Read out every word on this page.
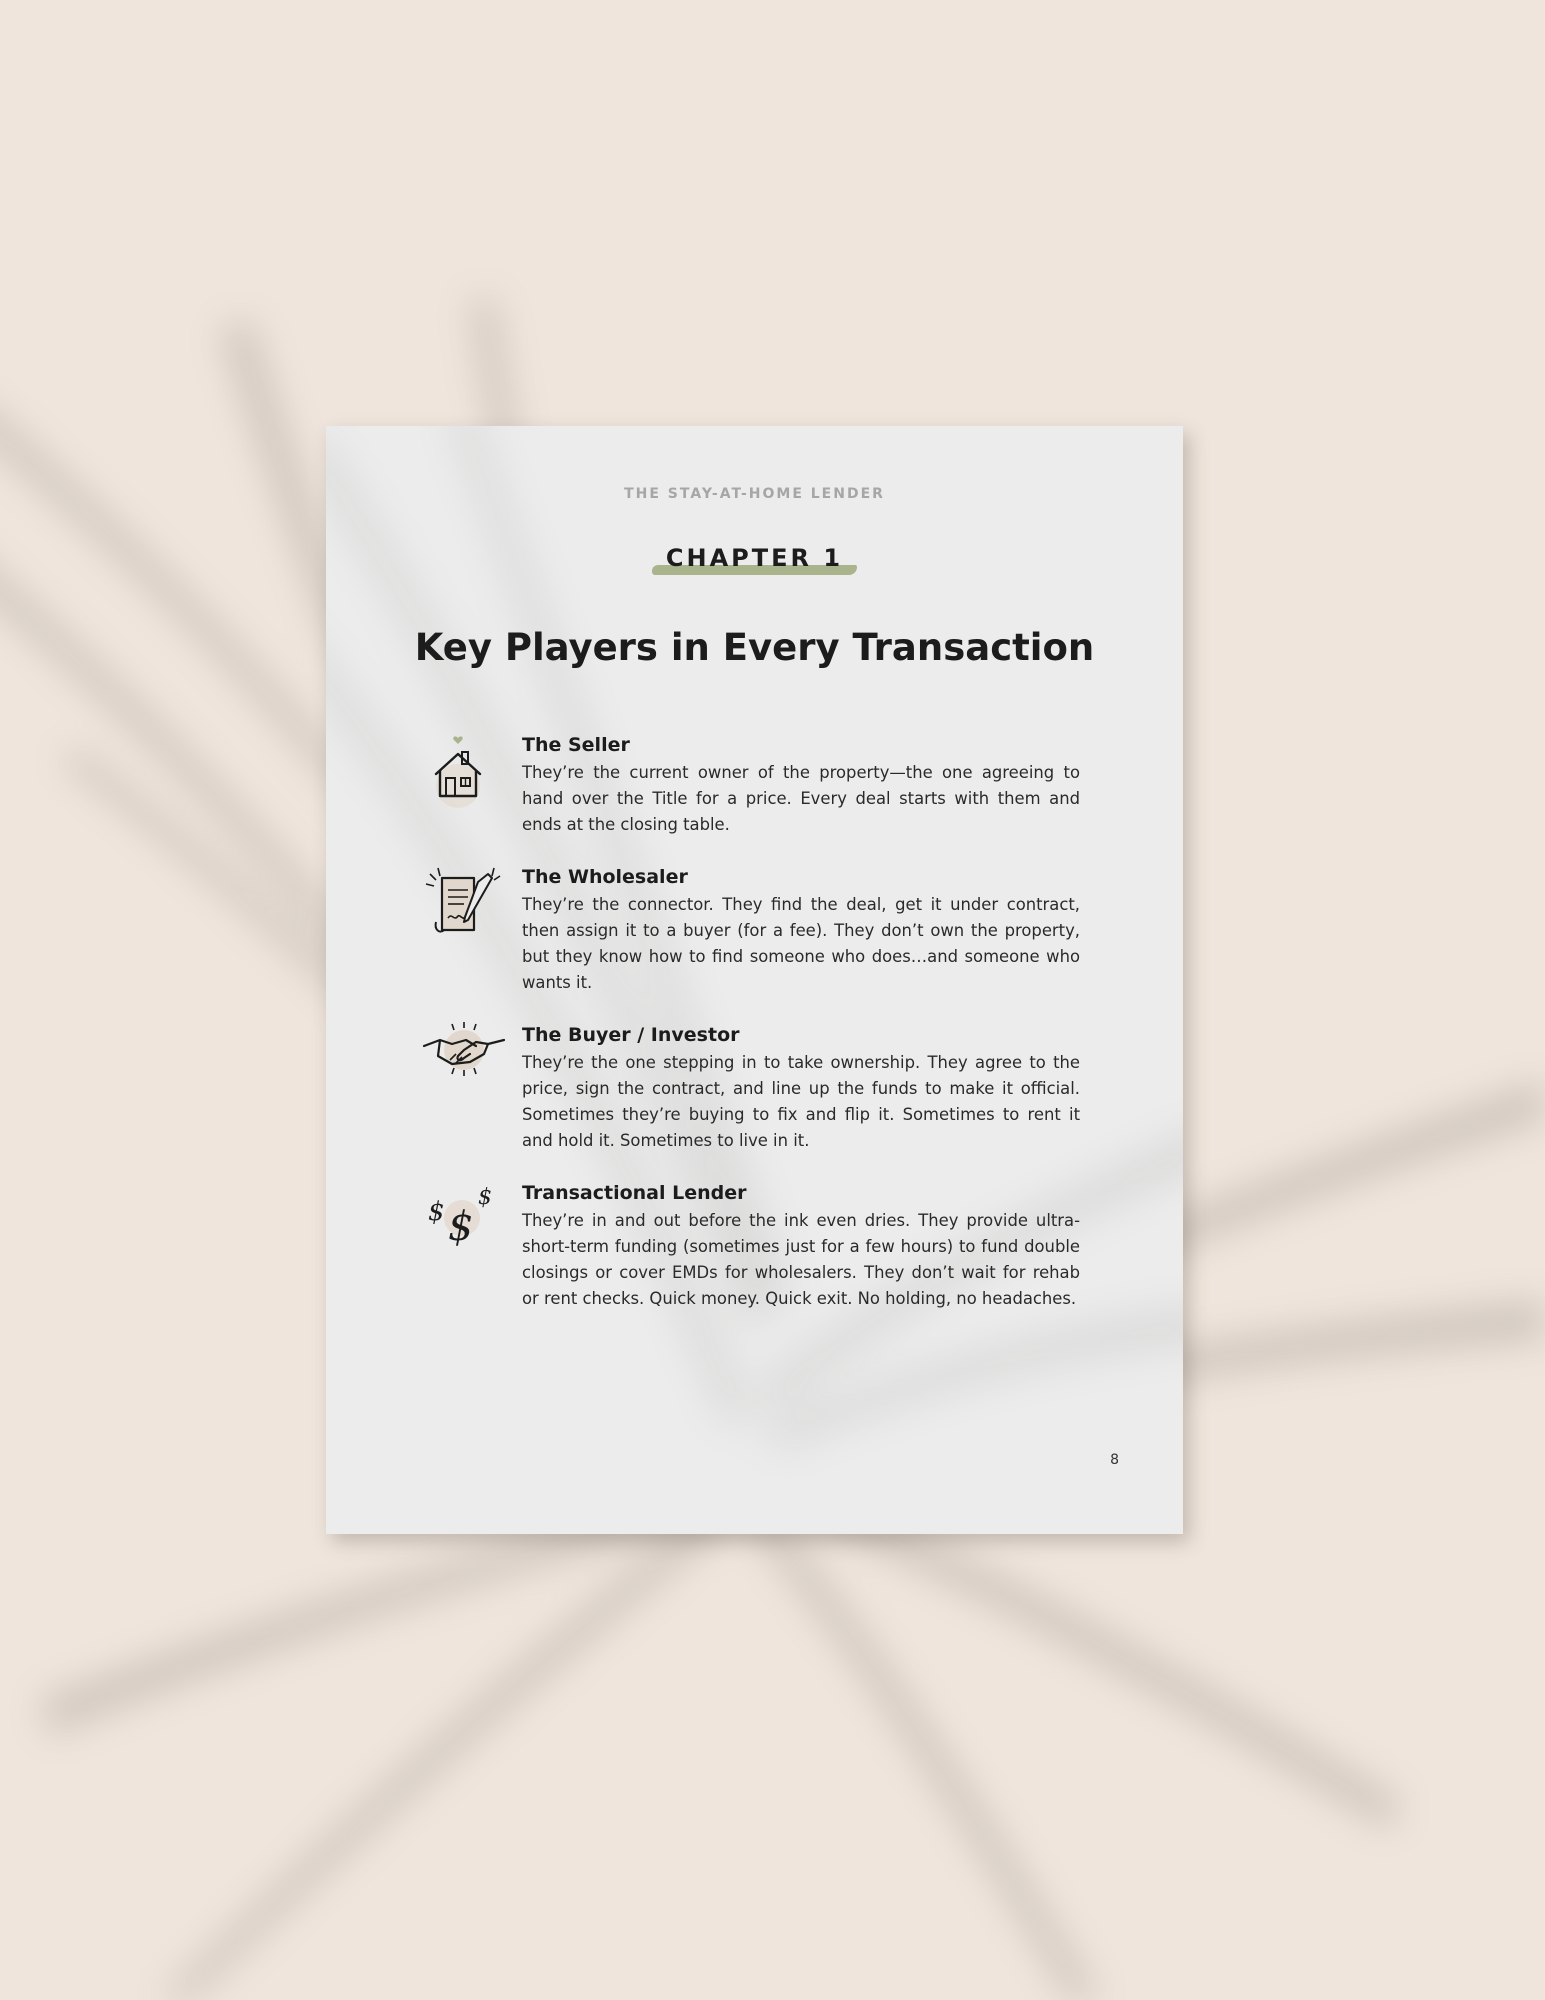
THE STAY-AT-HOME LENDER
CHAPTER 1
Key Players in Every Transaction

The Seller

They’re the current owner of the property—the one agreeing to hand over the Title for a price. Every deal starts with them and ends at the closing table.

The Wholesaler

They’re the connector. They find the deal, get it under contract, then assign it to a buyer (for a fee). They don’t own the property, but they know how to find someone who does…and someone who wants it.

The Buyer / Investor

They’re the one stepping in to take ownership. They agree to the price, sign the contract, and line up the funds to make it official. Sometimes they’re buying to fix and flip it. Sometimes to rent it and hold it. Sometimes to live in it.

$ $
$ Transactional Lender

They’re in and out before the ink even dries. They provide ultra-short-term funding (sometimes just for a few hours) to fund double closings or cover EMDs for wholesalers. They don’t wait for rehab or rent checks. Quick money. Quick exit. No holding, no headaches.

8
